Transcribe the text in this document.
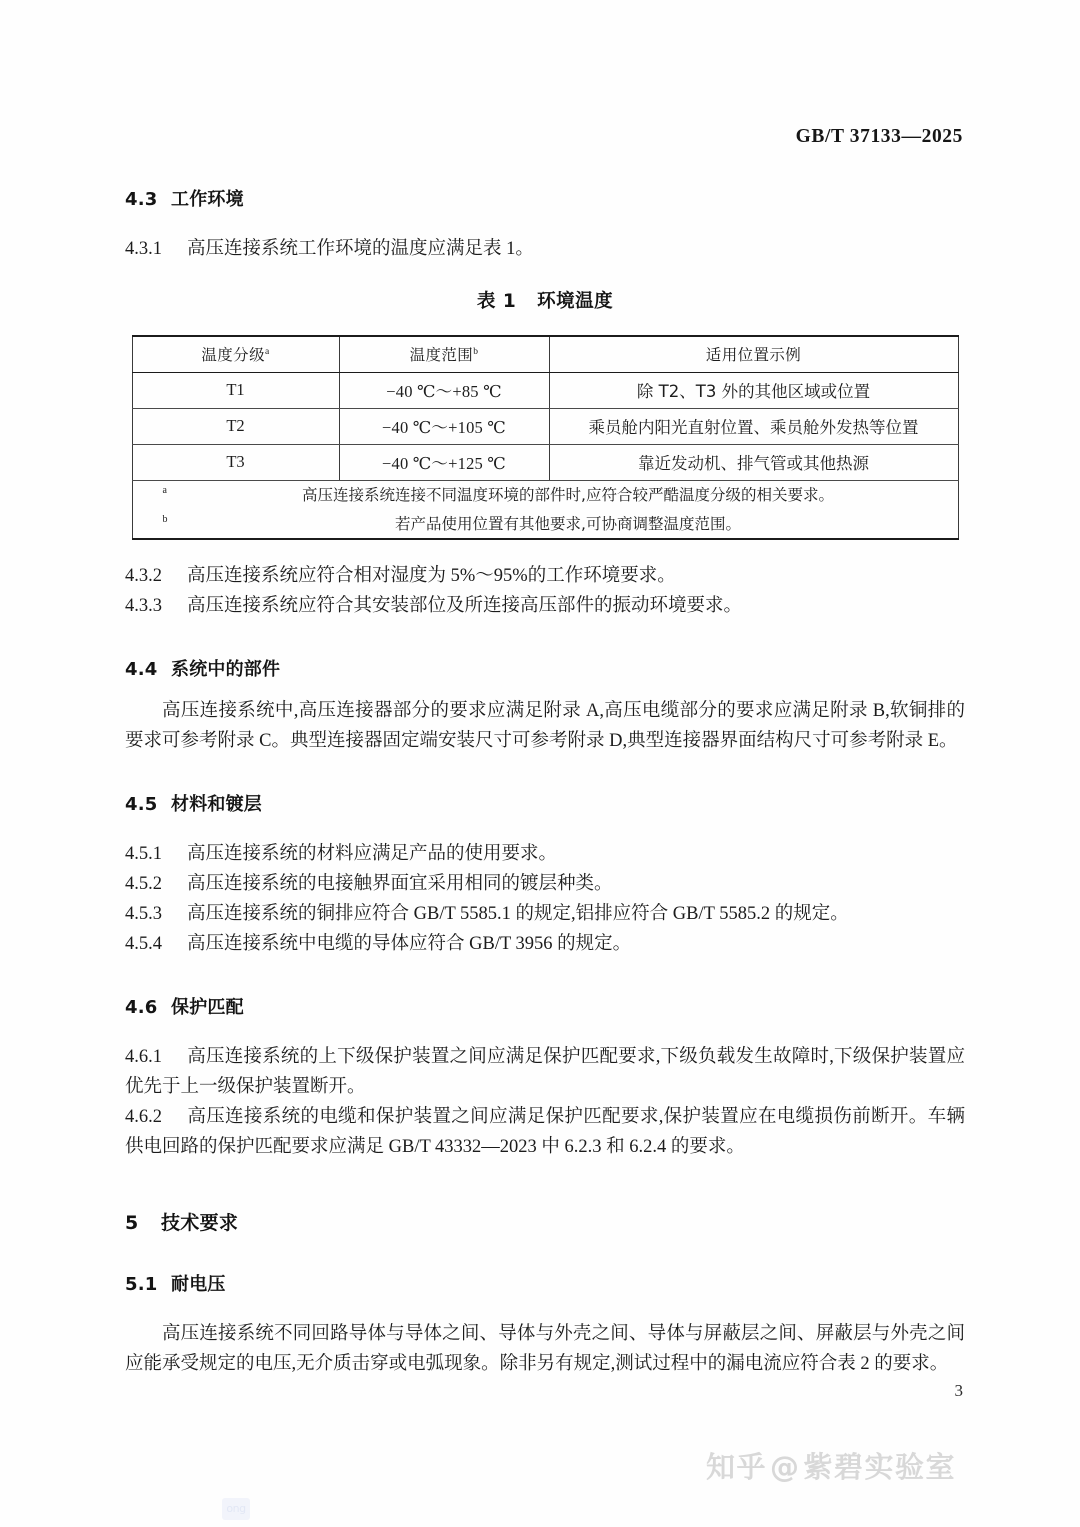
GB/T 37133—2025
4.3 工作环境

4.3.1 高压连接系统工作环境的温度应满足表 1。

表 1 环境温度

温度分级$^a$	温度范围$^b$	适用位置示例
T1	−40 ℃～+85 ℃	除 T2、T3 外的其他区域或位置
T2	−40 ℃～+105 ℃	乘员舱内阳光直射位置、乘员舱外发热等位置
T3	−40 ℃～+125 ℃	靠近发动机、排气管或其他热源

a 高压连接系统连接不同温度环境的部件时,应符合较严酷温度分级的相关要求。
b 若产品使用位置有其他要求,可协商调整温度范围。		

4.3.2 高压连接系统应符合相对湿度为 5%～95%的工作环境要求。

4.3.3 高压连接系统应符合其安装部位及所连接高压部件的振动环境要求。

4.4 系统中的部件

高压连接系统中,高压连接器部分的要求应满足附录 A,高压电缆部分的要求应满足附录 B,软铜排的要求可参考附录 C。典型连接器固定端安装尺寸可参考附录 D,典型连接器界面结构尺寸可参考附录 E。

4.5 材料和镀层

4.5.1 高压连接系统的材料应满足产品的使用要求。

4.5.2 高压连接系统的电接触界面宜采用相同的镀层种类。

4.5.3 高压连接系统的铜排应符合 GB/T 5585.1 的规定,铝排应符合 GB/T 5585.2 的规定。

4.5.4 高压连接系统中电缆的导体应符合 GB/T 3956 的规定。

4.6 保护匹配

4.6.1 高压连接系统的上下级保护装置之间应满足保护匹配要求,下级负载发生故障时,下级保护装置应优先于上一级保护装置断开。

4.6.2 高压连接系统的电缆和保护装置之间应满足保护匹配要求,保护装置应在电缆损伤前断开。车辆供电回路的保护匹配要求应满足 GB/T 43332—2023 中 6.2.3 和 6.2.4 的要求。

5 技术要求
5.1 耐电压

高压连接系统不同回路导体与导体之间、导体与外壳之间、导体与屏蔽层之间、屏蔽层与外壳之间应能承受规定的电压,无介质击穿或电弧现象。除非另有规定,测试过程中的漏电流应符合表 2 的要求。

3
知乎 @ 紫碧实验室
ong
